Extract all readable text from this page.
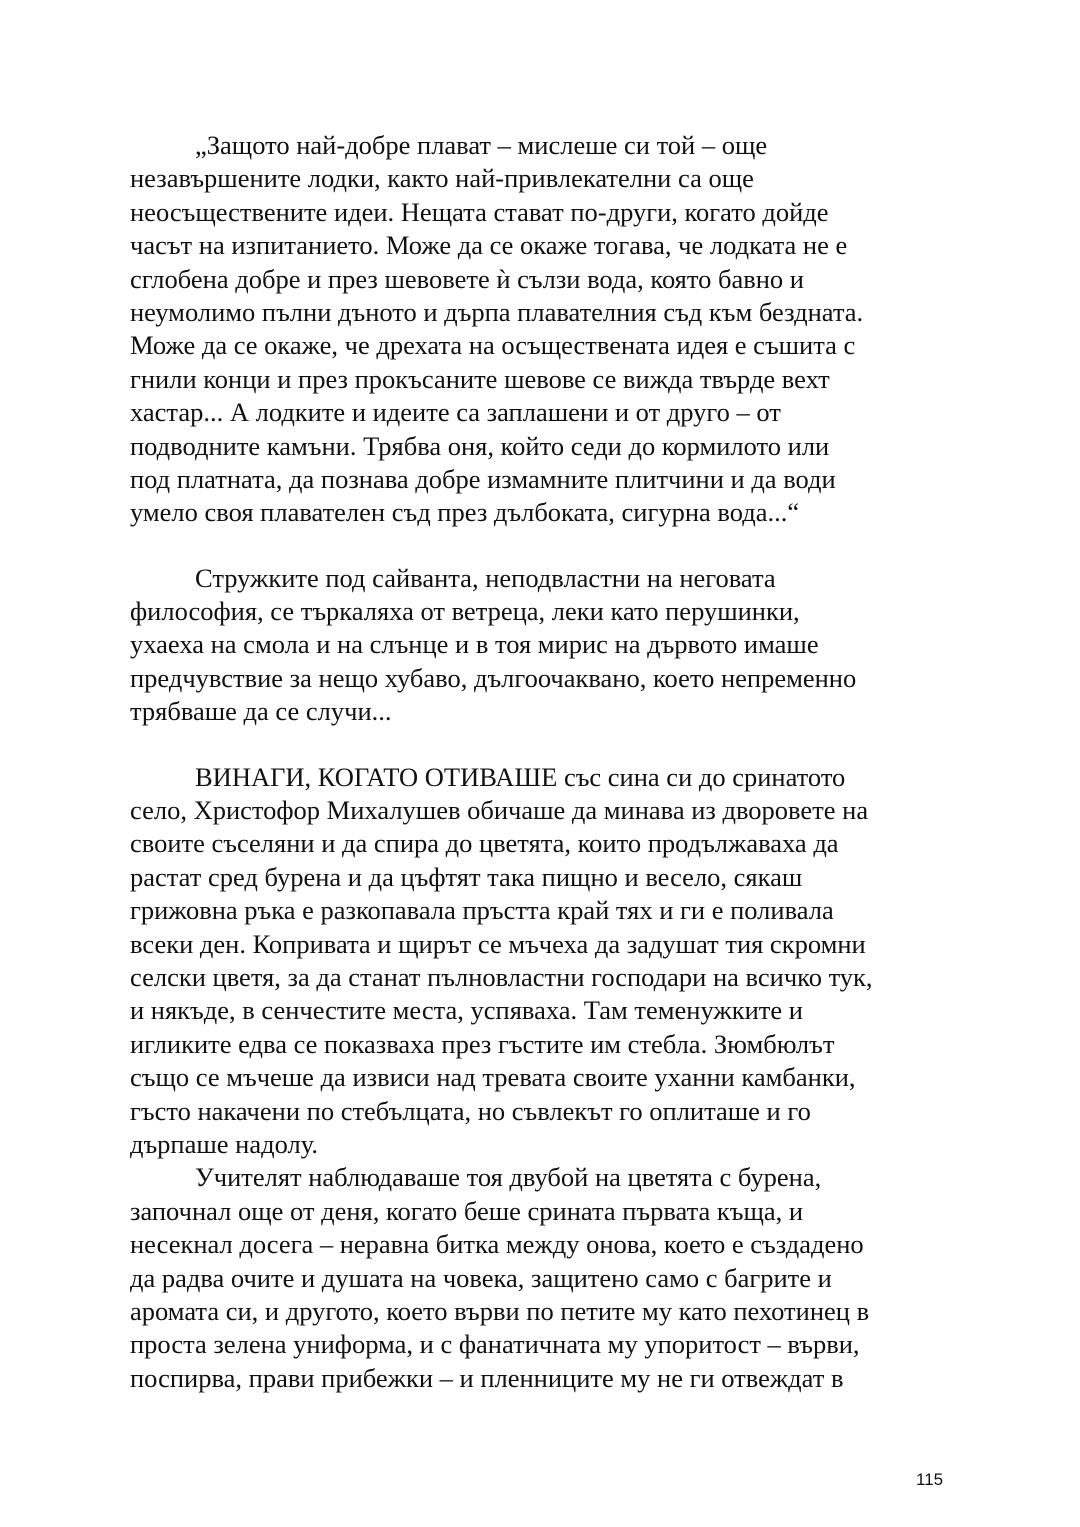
„Защото най-добре плават – мислеше си той – още
незавършените лодки, както най-привлекателни са още
неосъществените идеи. Нещата стават по-други, когато дойде
часът на изпитанието. Може да се окаже тогава, че лодката не е
сглобена добре и през шевовете ѝ сълзи вода, която бавно и
неумолимо пълни дъното и дърпа плавателния съд към бездната.
Може да се окаже, че дрехата на осъществената идея е съшита с
гнили конци и през прокъсаните шевове се вижда твърде вехт
хастар... А лодките и идеите са заплашени и от друго – от
подводните камъни. Трябва оня, който седи до кормилото или
под платната, да познава добре измамните плитчини и да води
умело своя плавателен съд през дълбоката, сигурна вода...“
Стружките под сайванта, неподвластни на неговата
философия, се търкаляха от ветреца, леки като перушинки,
ухаеха на смола и на слънце и в тоя мирис на дървото имаше
предчувствие за нещо хубаво, дългоочаквано, което непременно
трябваше да се случи...
ВИНАГИ, КОГАТО ОТИВАШЕ със сина си до сринатото
село, Христофор Михалушев обичаше да минава из дворовете на
своите съселяни и да спира до цветята, които продължаваха да
растат сред бурена и да цъфтят така пищно и весело, сякаш
грижовна ръка е разкопавала пръстта край тях и ги е поливала
всеки ден. Копривата и щирът се мъчеха да задушат тия скромни
селски цветя, за да станат пълновластни господари на всичко тук,
и някъде, в сенчестите места, успяваха. Там теменужките и
игликите едва се показваха през гъстите им стебла. Зюмбюлът
също се мъчеше да извиси над тревата своите уханни камбанки,
гъсто накачени по стебълцата, но съвлекът го оплиташе и го
дърпаше надолу.
Учителят наблюдаваше тоя двубой на цветята с бурена,
започнал още от деня, когато беше срината първата къща, и
несекнал досега – неравна битка между онова, което е създадено
да радва очите и душата на човека, защитено само с багрите и
аромата си, и другото, което върви по петите му като пехотинец в
проста зелена униформа, и с фанатичната му упоритост – върви,
поспирва, прави прибежки – и пленниците му не ги отвеждат в
115
